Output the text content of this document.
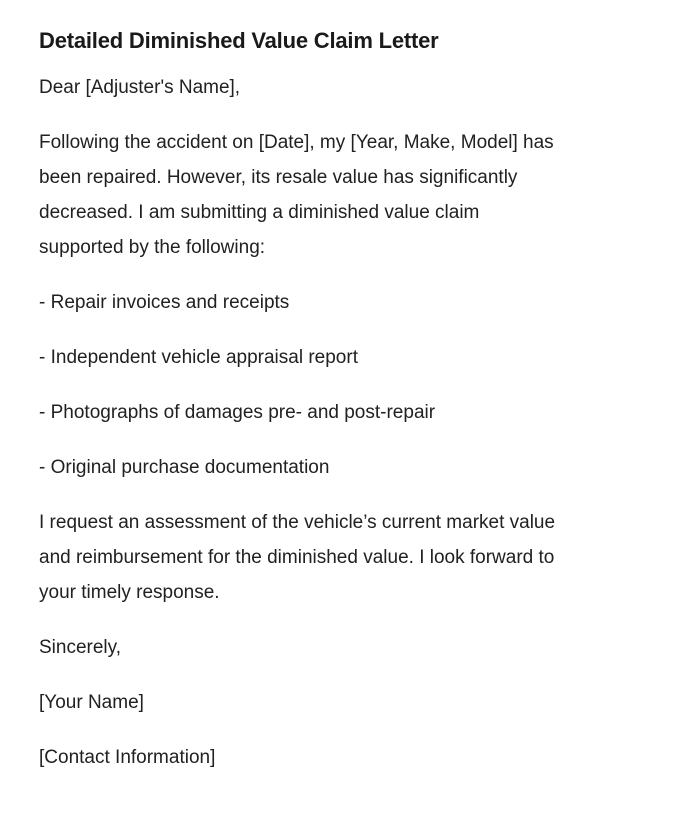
Detailed Diminished Value Claim Letter

Dear [Adjuster's Name],

Following the accident on [Date], my [Year, Make, Model] has
been repaired. However, its resale value has significantly
decreased. I am submitting a diminished value claim
supported by the following:

- Repair invoices and receipts

- Independent vehicle appraisal report

- Photographs of damages pre- and post-repair

- Original purchase documentation

I request an assessment of the vehicle’s current market value
and reimbursement for the diminished value. I look forward to
your timely response.

Sincerely,

[Your Name]

[Contact Information]
